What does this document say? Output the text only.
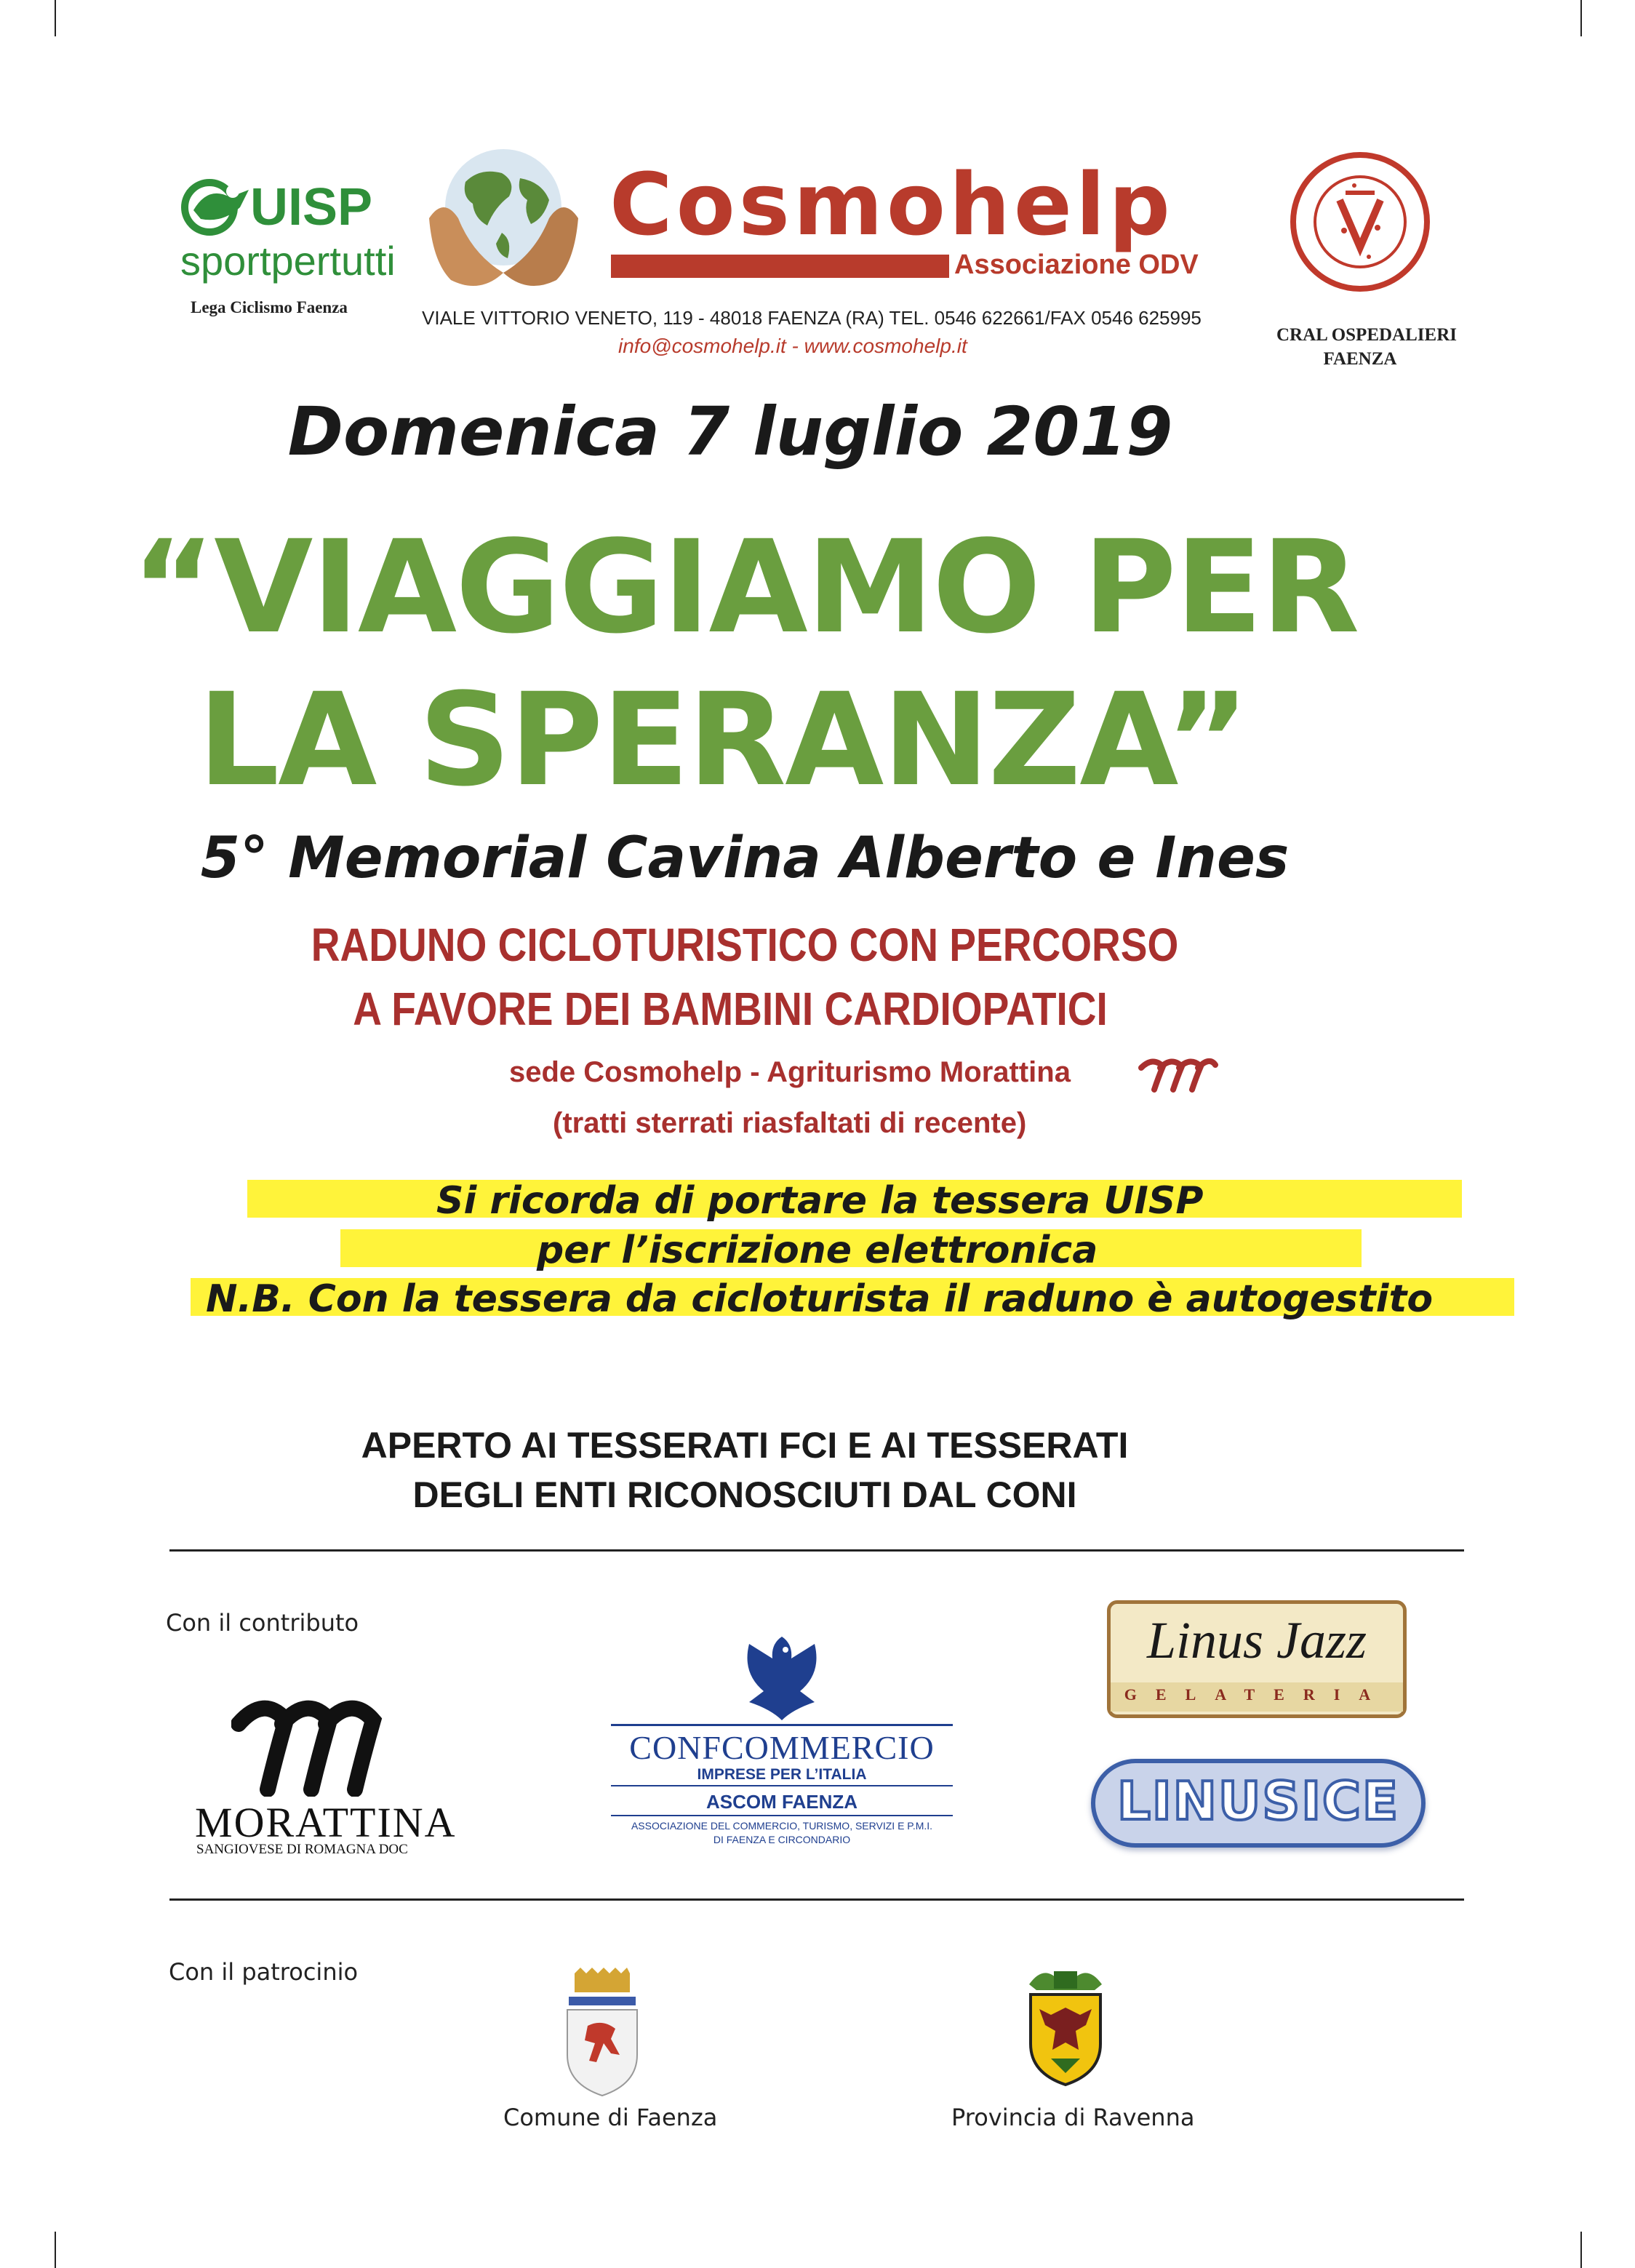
UISP
sportpertutti
Lega Ciclismo Faenza
Cosmohelp
Associazione ODV
VIALE VITTORIO VENETO, 119 - 48018 FAENZA (RA) TEL. 0546 622661/FAX 0546 625995
info@cosmohelp.it - www.cosmohelp.it	CRAL OSPEDALIERI
FAENZA
Domenica 7 luglio 2019
“VIAGGIAMO PER
LA SPERANZA”
5° Memorial Cavina Alberto e Ines
RADUNO CICLOTURISTICO CON PERCORSO
A FAVORE DEI BAMBINI CARDIOPATICI
sede Cosmohelp - Agriturismo Morattina
(tratti sterrati riasfaltati di recente)
Si ricorda di portare la tessera UISP
per l’iscrizione elettronica
N.B. Con la tessera da cicloturista il raduno è autogestito
APERTO AI TESSERATI FCI E AI TESSERATI
DEGLI ENTI RICONOSCIUTI DAL CONI
Con il contributo
MORATTINA
SANGIOVESE DI ROMAGNA DOC
CONFCOMMERCIO
IMPRESE PER L’ITALIA
ASCOM FAENZA
ASSOCIAZIONE DEL COMMERCIO, TURISMO, SERVIZI E P.M.I.
DI FAENZA E CIRCONDARIO
Linus Jazz
GELATERIA
LINUSICE
Con il patrocinio
Comune di Faenza	Provincia di Ravenna
